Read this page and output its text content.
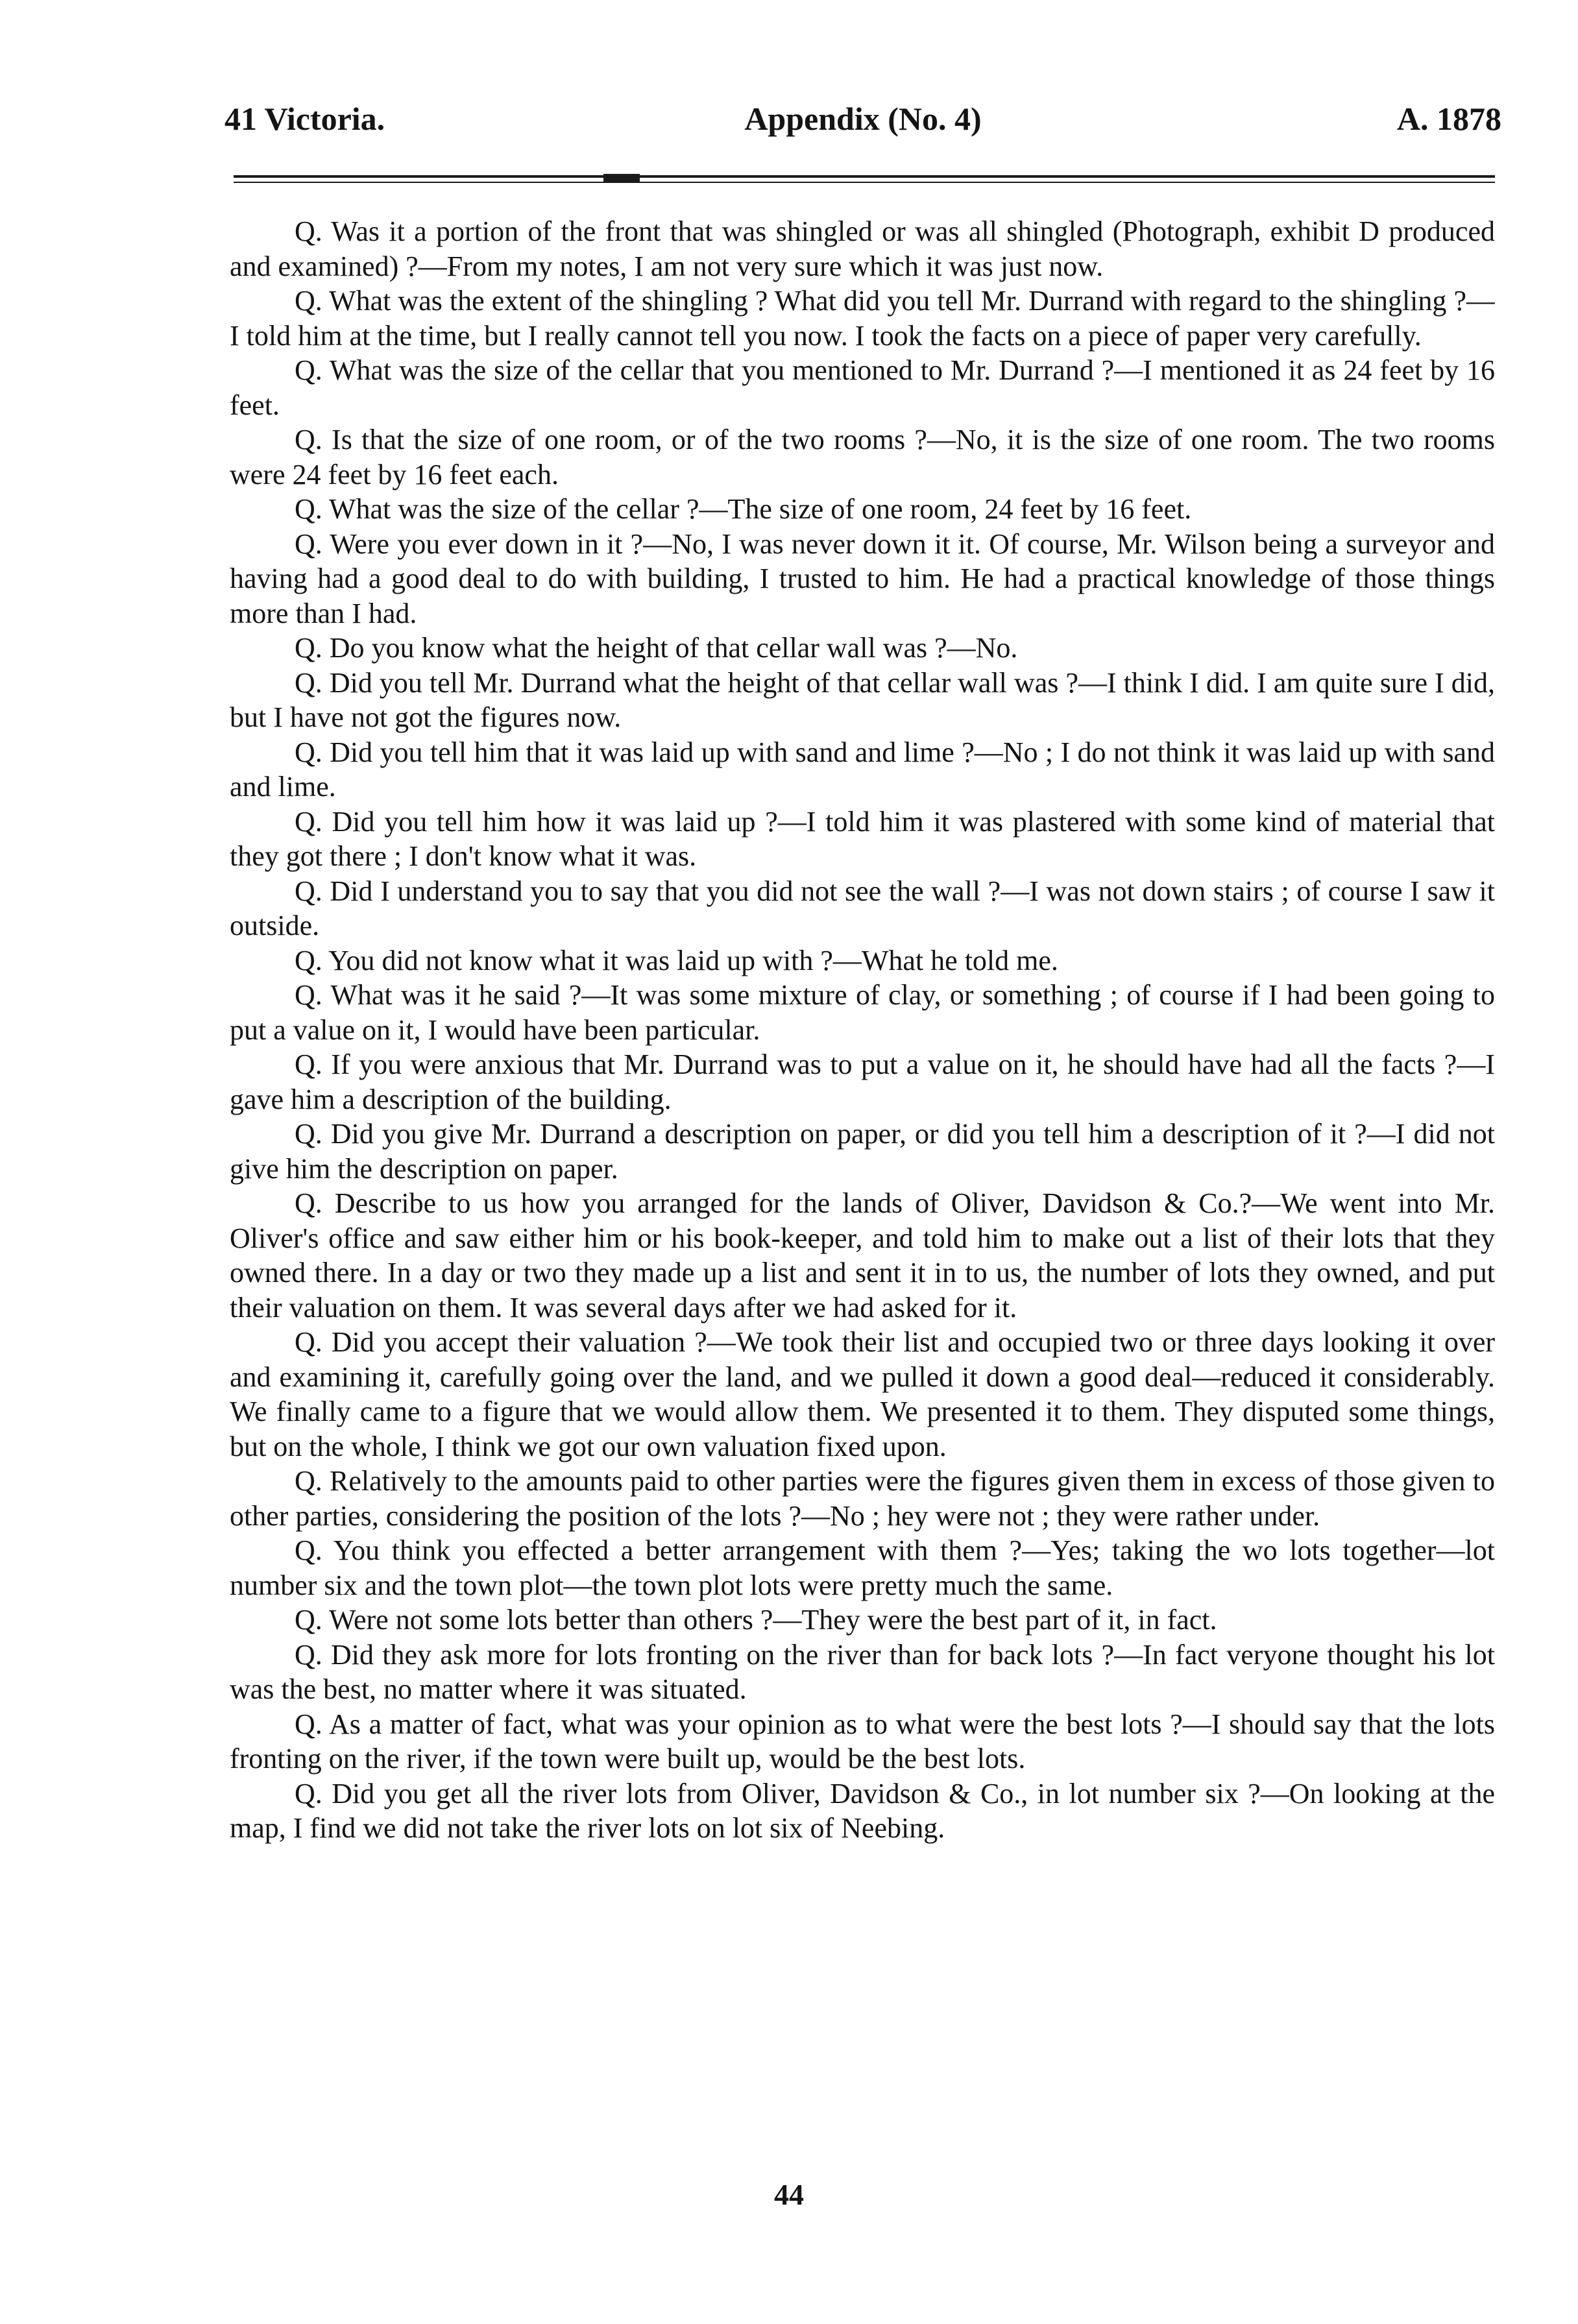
41 Victoria.	Appendix (No. 4)	A. 1878

Q. Was it a portion of the front that was shingled or was all shingled (Photograph, exhibit D produced and examined) ?—From my notes, I am not very sure which it was just now.

Q. What was the extent of the shingling ? What did you tell Mr. Durrand with regard to the shingling ?—I told him at the time, but I really cannot tell you now. I took the facts on a piece of paper very carefully.

Q. What was the size of the cellar that you mentioned to Mr. Durrand ?—I mentioned it as 24 feet by 16 feet.

Q. Is that the size of one room, or of the two rooms ?—No, it is the size of one room. The two rooms were 24 feet by 16 feet each.

Q. What was the size of the cellar ?—The size of one room, 24 feet by 16 feet.

Q. Were you ever down in it ?—No, I was never down it it. Of course, Mr. Wilson being a surveyor and having had a good deal to do with building, I trusted to him. He had a practical knowledge of those things more than I had.

Q. Do you know what the height of that cellar wall was ?—No.

Q. Did you tell Mr. Durrand what the height of that cellar wall was ?—I think I did. I am quite sure I did, but I have not got the figures now.

Q. Did you tell him that it was laid up with sand and lime ?—No ; I do not think it was laid up with sand and lime.

Q. Did you tell him how it was laid up ?—I told him it was plastered with some kind of material that they got there ; I don't know what it was.

Q. Did I understand you to say that you did not see the wall ?—I was not down stairs ; of course I saw it outside.

Q. You did not know what it was laid up with ?—What he told me.

Q. What was it he said ?—It was some mixture of clay, or something ; of course if I had been going to put a value on it, I would have been particular.

Q. If you were anxious that Mr. Durrand was to put a value on it, he should have had all the facts ?—I gave him a description of the building.

Q. Did you give Mr. Durrand a description on paper, or did you tell him a description of it ?—I did not give him the description on paper.

Q. Describe to us how you arranged for the lands of Oliver, Davidson & Co.?—We went into Mr. Oliver's office and saw either him or his book-keeper, and told him to make out a list of their lots that they owned there. In a day or two they made up a list and sent it in to us, the number of lots they owned, and put their valuation on them. It was several days after we had asked for it.

Q. Did you accept their valuation ?—We took their list and occupied two or three days looking it over and examining it, carefully going over the land, and we pulled it down a good deal—reduced it considerably. We finally came to a figure that we would allow them. We presented it to them. They disputed some things, but on the whole, I think we got our own valuation fixed upon.

Q. Relatively to the amounts paid to other parties were the figures given them in excess of those given to other parties, considering the position of the lots ?—No ; hey were not ; they were rather under.

Q. You think you effected a better arrangement with them ?—Yes; taking the wo lots together—lot number six and the town plot—the town plot lots were pretty much the same.

Q. Were not some lots better than others ?—They were the best part of it, in fact.

Q. Did they ask more for lots fronting on the river than for back lots ?—In fact veryone thought his lot was the best, no matter where it was situated.

Q. As a matter of fact, what was your opinion as to what were the best lots ?—I should say that the lots fronting on the river, if the town were built up, would be the best lots.

Q. Did you get all the river lots from Oliver, Davidson & Co., in lot number six ?—On looking at the map, I find we did not take the river lots on lot six of Neebing.

44
